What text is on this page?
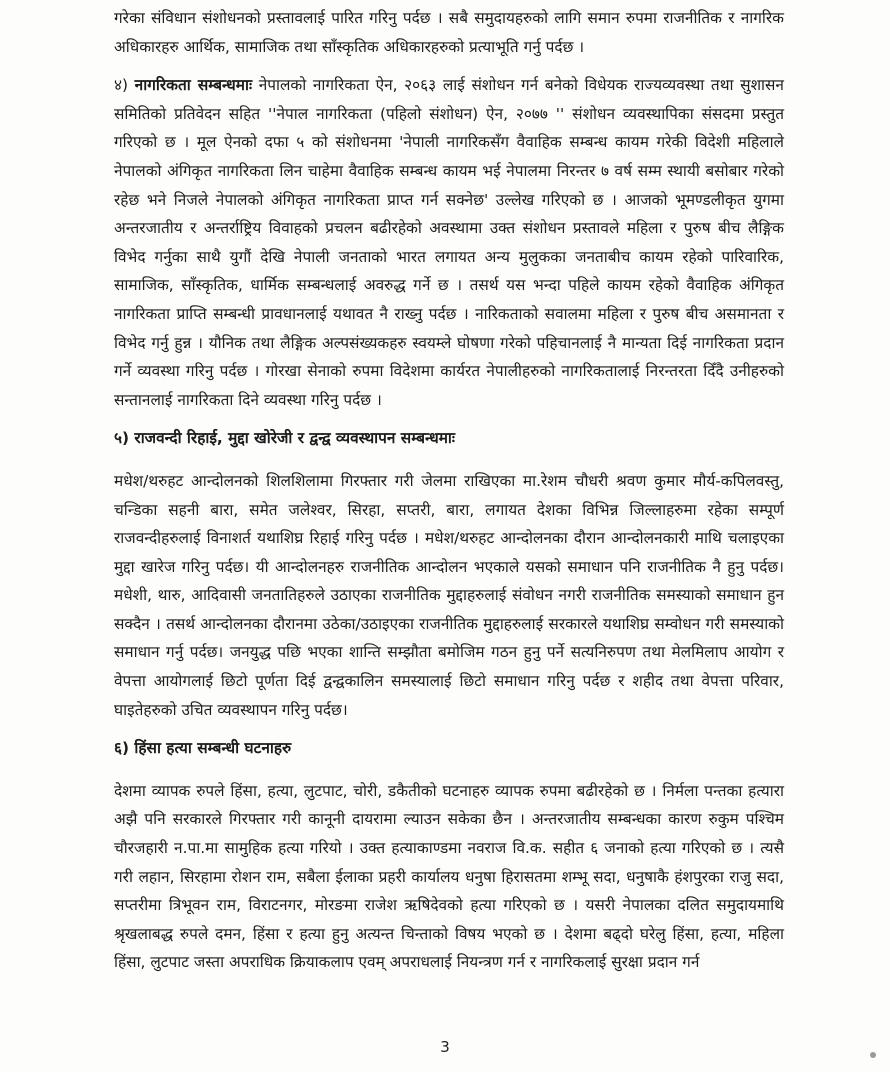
गरेका संविधान संशोधनको प्रस्तावलाई पारित गरिनु पर्दछ । सबै समुदायहरुको लागि समान रुपमा राजनीतिक र नागरिक अधिकारहरु आर्थिक, सामाजिक तथा साँस्कृतिक अधिकारहरुको प्रत्याभूति गर्नु पर्दछ ।

४) नागरिकता सम्बन्धमाः नेपालको नागरिकता ऐन, २०६३ लाई संशोधन गर्न बनेको विधेयक राज्यव्यवस्था तथा सुशासन समितिको प्रतिवेदन सहित ''नेपाल नागरिकता (पहिलो संशोधन) ऐन, २०७७ '' संशोधन व्यवस्थापिका संसदमा प्रस्तुत गरिएको छ । मूल ऐनको दफा ५ को संशोधनमा 'नेपाली नागरिकसँग वैवाहिक सम्बन्ध कायम गरेकी विदेशी महिलाले नेपालको अंगिकृत नागरिकता लिन चाहेमा वैवाहिक सम्बन्ध कायम भई नेपालमा निरन्तर ७ वर्ष सम्म स्थायी बसोबार गरेको रहेछ भने निजले नेपालको अंगिकृत नागरिकता प्राप्त गर्न सक्नेछ' उल्लेख गरिएको छ । आजको भूमण्डलीकृत युगमा अन्तरजातीय र अन्तर्राष्ट्रिय विवाहको प्रचलन बढीरहेको अवस्थामा उक्त संशोधन प्रस्तावले महिला र पुरुष बीच लैङ्गिक विभेद गर्नुका साथै युगौं देखि नेपाली जनताको भारत लगायत अन्य मुलुकका जनताबीच कायम रहेको पारिवारिक, सामाजिक, साँस्कृतिक, धार्मिक सम्बन्धलाई अवरुद्ध गर्ने छ । तसर्थ यस भन्दा पहिले कायम रहेको वैवाहिक अंगिकृत नागरिकता प्राप्ति सम्बन्धी प्रावधानलाई यथावत नै राख्नु पर्दछ । नारिकताको सवालमा महिला र पुरुष बीच असमानता र विभेद गर्नु हुन्न । यौनिक तथा लैङ्गिक अल्पसंख्यकहरु स्वयम्ले घोषणा गरेको पहिचानलाई नै मान्यता दिई नागरिकता प्रदान गर्ने व्यवस्था गरिनु पर्दछ । गोरखा सेनाको रुपमा विदेशमा कार्यरत नेपालीहरुको नागरिकतालाई निरन्तरता दिँदै उनीहरुको सन्तानलाई नागरिकता दिने व्यवस्था गरिनु पर्दछ ।

५) राजवन्दी रिहाई, मुद्दा खोरेजी र द्वन्द्व व्यवस्थापन सम्बन्धमाः

मधेश/थरुहट आन्दोलनको शिलशिलामा गिरफ्तार गरी जेलमा राखिएका मा.रेशम चौधरी श्रवण कुमार मौर्य-कपिलवस्तु, चन्डिका सहनी बारा, समेत जलेश्वर, सिरहा, सप्तरी, बारा, लगायत देशका विभिन्न जिल्लाहरुमा रहेका सम्पूर्ण राजवन्दीहरुलाई विनाशर्त यथाशिघ्र रिहाई गरिनु पर्दछ । मधेश/थरुहट आन्दोलनका दौरान आन्दोलनकारी माथि चलाइएका मुद्दा खारेज गरिनु पर्दछ। यी आन्दोलनहरु राजनीतिक आन्दोलन भएकाले यसको समाधान पनि राजनीतिक नै हुनु पर्दछ। मधेशी, थारु, आदिवासी जनतातिहरुले उठाएका राजनीतिक मुद्दाहरुलाई संवोधन नगरी राजनीतिक समस्याको समाधान हुन सक्दैन । तसर्थ आन्दोलनका दौरानमा उठेका/उठाइएका राजनीतिक मुद्दाहरुलाई सरकारले यथाशिघ्र सम्वोधन गरी समस्याको समाधान गर्नु पर्दछ। जनयुद्ध पछि भएका शान्ति सम्झौता बमोजिम गठन हुनु पर्ने सत्यनिरुपण तथा मेलमिलाप आयोग र वेपत्ता आयोगलाई छिटो पूर्णता दिई द्वन्द्वकालिन समस्यालाई छिटो समाधान गरिनु पर्दछ र शहीद तथा वेपत्ता परिवार, घाइतेहरुको उचित व्यवस्थापन गरिनु पर्दछ।

६) हिंसा हत्या सम्बन्धी घटनाहरु

देशमा व्यापक रुपले हिंसा, हत्या, लुटपाट, चोरी, डकैतीको घटनाहरु व्यापक रुपमा बढीरहेको छ । निर्मला पन्तका हत्यारा अझै पनि सरकारले गिरफ्तार गरी कानूनी दायरामा ल्याउन सकेका छैन । अन्तरजातीय सम्बन्धका कारण रुकुम पश्चिम चौरजहारी न.पा.मा सामुहिक हत्या गरियो । उक्त हत्याकाण्डमा नवराज वि.क. सहीत ६ जनाको हत्या गरिएको छ । त्यसै गरी लहान, सिरहामा रोशन राम, सबैला ईलाका प्रहरी कार्यालय धनुषा हिरासतमा शम्भू सदा, धनुषाकै हंशपुरका राजु सदा, सप्तरीमा त्रिभूवन राम, विराटनगर, मोरङमा राजेश ऋषिदेवको हत्या गरिएको छ । यसरी नेपालका दलित समुदायमाथि श्रृखलाबद्ध रुपले दमन, हिंसा र हत्या हुनु अत्यन्त चिन्ताको विषय भएको छ । देशमा बढ्दो घरेलु हिंसा, हत्या, महिला हिंसा, लुटपाट जस्ता अपराधिक क्रियाकलाप एवम् अपराधलाई नियन्त्रण गर्न र नागरिकलाई सुरक्षा प्रदान गर्न

3
